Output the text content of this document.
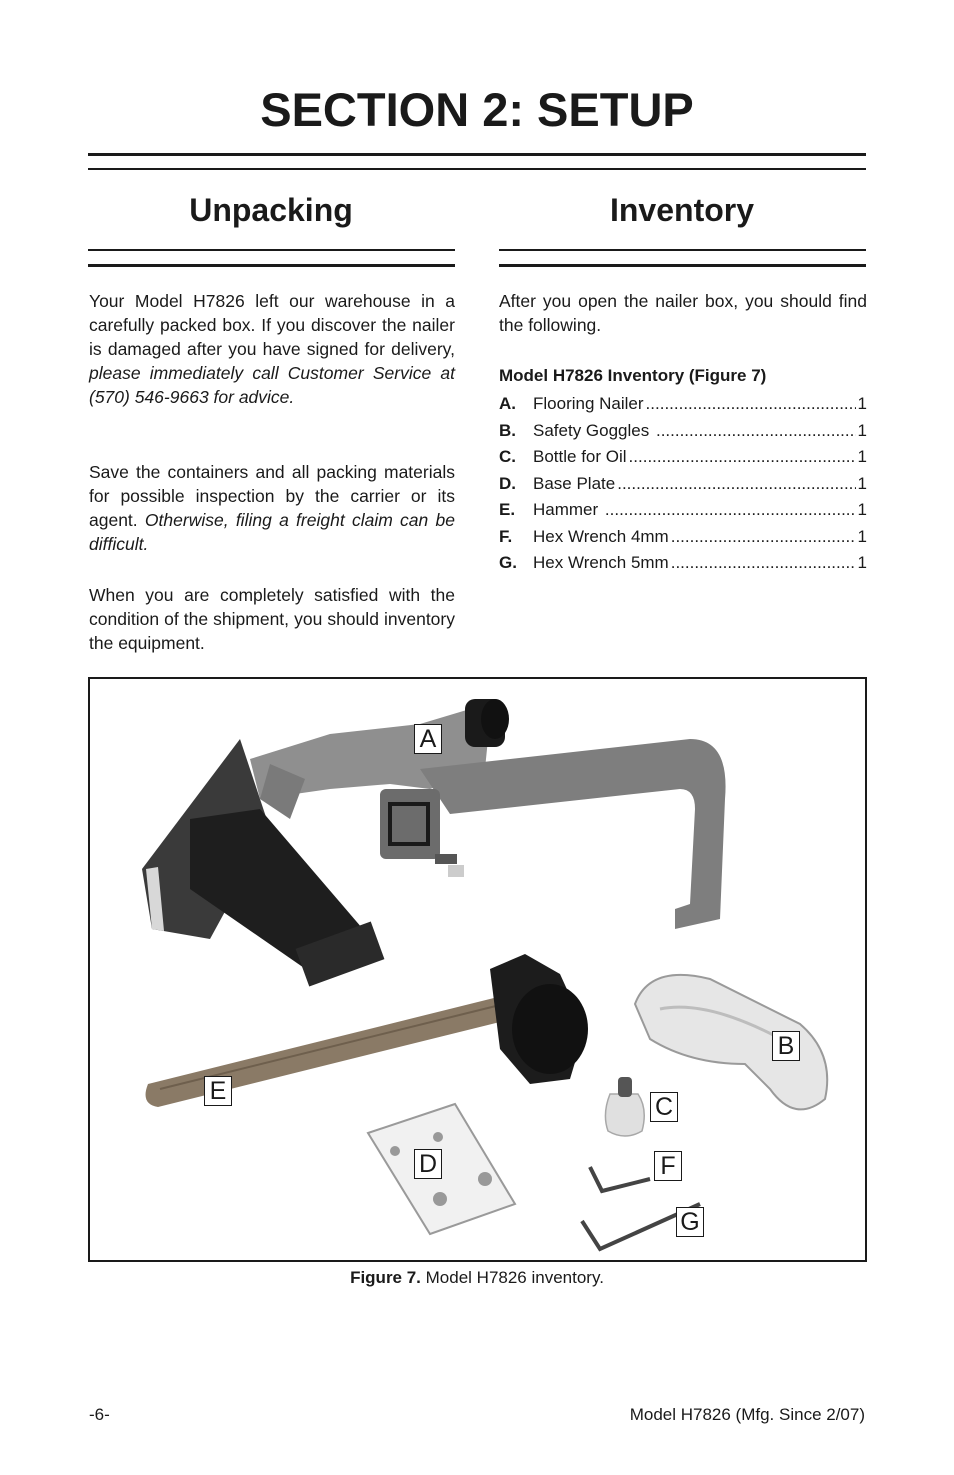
SECTION 2: SETUP
Unpacking
Your Model H7826 left our warehouse in a carefully packed box. If you discover the nailer is damaged after you have signed for delivery, please immediately call Customer Service at (570) 546-9663 for advice.
Save the containers and all packing materials for possible inspection by the carrier or its agent. Otherwise, filing a freight claim can be difficult.
When you are completely satisfied with the condition of the shipment, you should inventory the equipment.
Inventory
After you open the nailer box, you should find the following.
Model H7826 Inventory (Figure 7)
A.	Flooring Nailer .....	1
B.	Safety Goggles .....	1
C.	Bottle for Oil .....	1
D.	Base Plate .....	1
E.	Hammer .....	1
F.	Hex Wrench 4mm .....	1
G. Hex Wrench 5mm .....	1
A
B
C
D
E
F
G
Figure 7. Model H7826 inventory.
-6-	Model H7826 (Mfg. Since 2/07)
